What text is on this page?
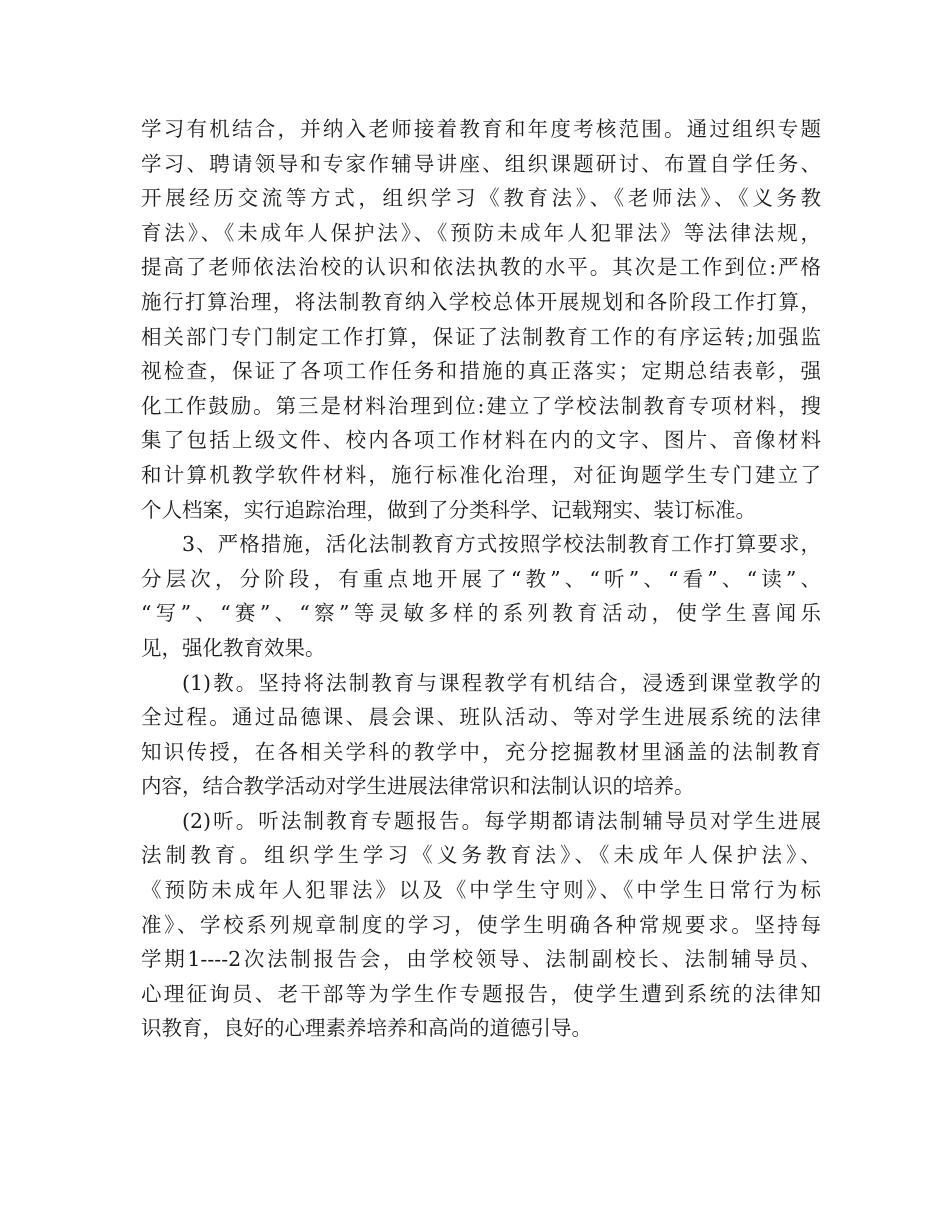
学习有机结合，并纳入老师接着教育和年度考核范围。通过组织专题
学习、聘请领导和专家作辅导讲座、组织课题研讨、布置自学任务、
开展经历交流等方式，组织学习《教育法》、《老师法》、《义务教
育法》、《未成年人保护法》、《预防未成年人犯罪法》等法律法规，
提高了老师依法治校的认识和依法执教的水平。其次是工作到位:严格
施行打算治理，将法制教育纳入学校总体开展规划和各阶段工作打算，
相关部门专门制定工作打算，保证了法制教育工作的有序运转;加强监
视检查，保证了各项工作任务和措施的真正落实；定期总结表彰，强
化工作鼓励。第三是材料治理到位:建立了学校法制教育专项材料，搜
集了包括上级文件、校内各项工作材料在内的文字、图片、音像材料
和计算机教学软件材料，施行标准化治理，对征询题学生专门建立了
个人档案，实行追踪治理，做到了分类科学、记载翔实、装订标准。
3、严格措施，活化法制教育方式按照学校法制教育工作打算要求，
分层次，分阶段，有重点地开展了“教”、“听”、“看”、“读”、
“写”、“赛”、“察”等灵敏多样的系列教育活动，使学生喜闻乐
见，强化教育效果。
(1)教。坚持将法制教育与课程教学有机结合，浸透到课堂教学的
全过程。通过品德课、晨会课、班队活动、等对学生进展系统的法律
知识传授，在各相关学科的教学中，充分挖掘教材里涵盖的法制教育
内容，结合教学活动对学生进展法律常识和法制认识的培养。
(2)听。听法制教育专题报告。每学期都请法制辅导员对学生进展
法制教育。组织学生学习《义务教育法》、《未成年人保护法》、
《预防未成年人犯罪法》以及《中学生守则》、《中学生日常行为标
准》、学校系列规章制度的学习，使学生明确各种常规要求。坚持每
学期1----2次法制报告会，由学校领导、法制副校长、法制辅导员、
心理征询员、老干部等为学生作专题报告，使学生遭到系统的法律知
识教育，良好的心理素养培养和高尚的道德引导。
